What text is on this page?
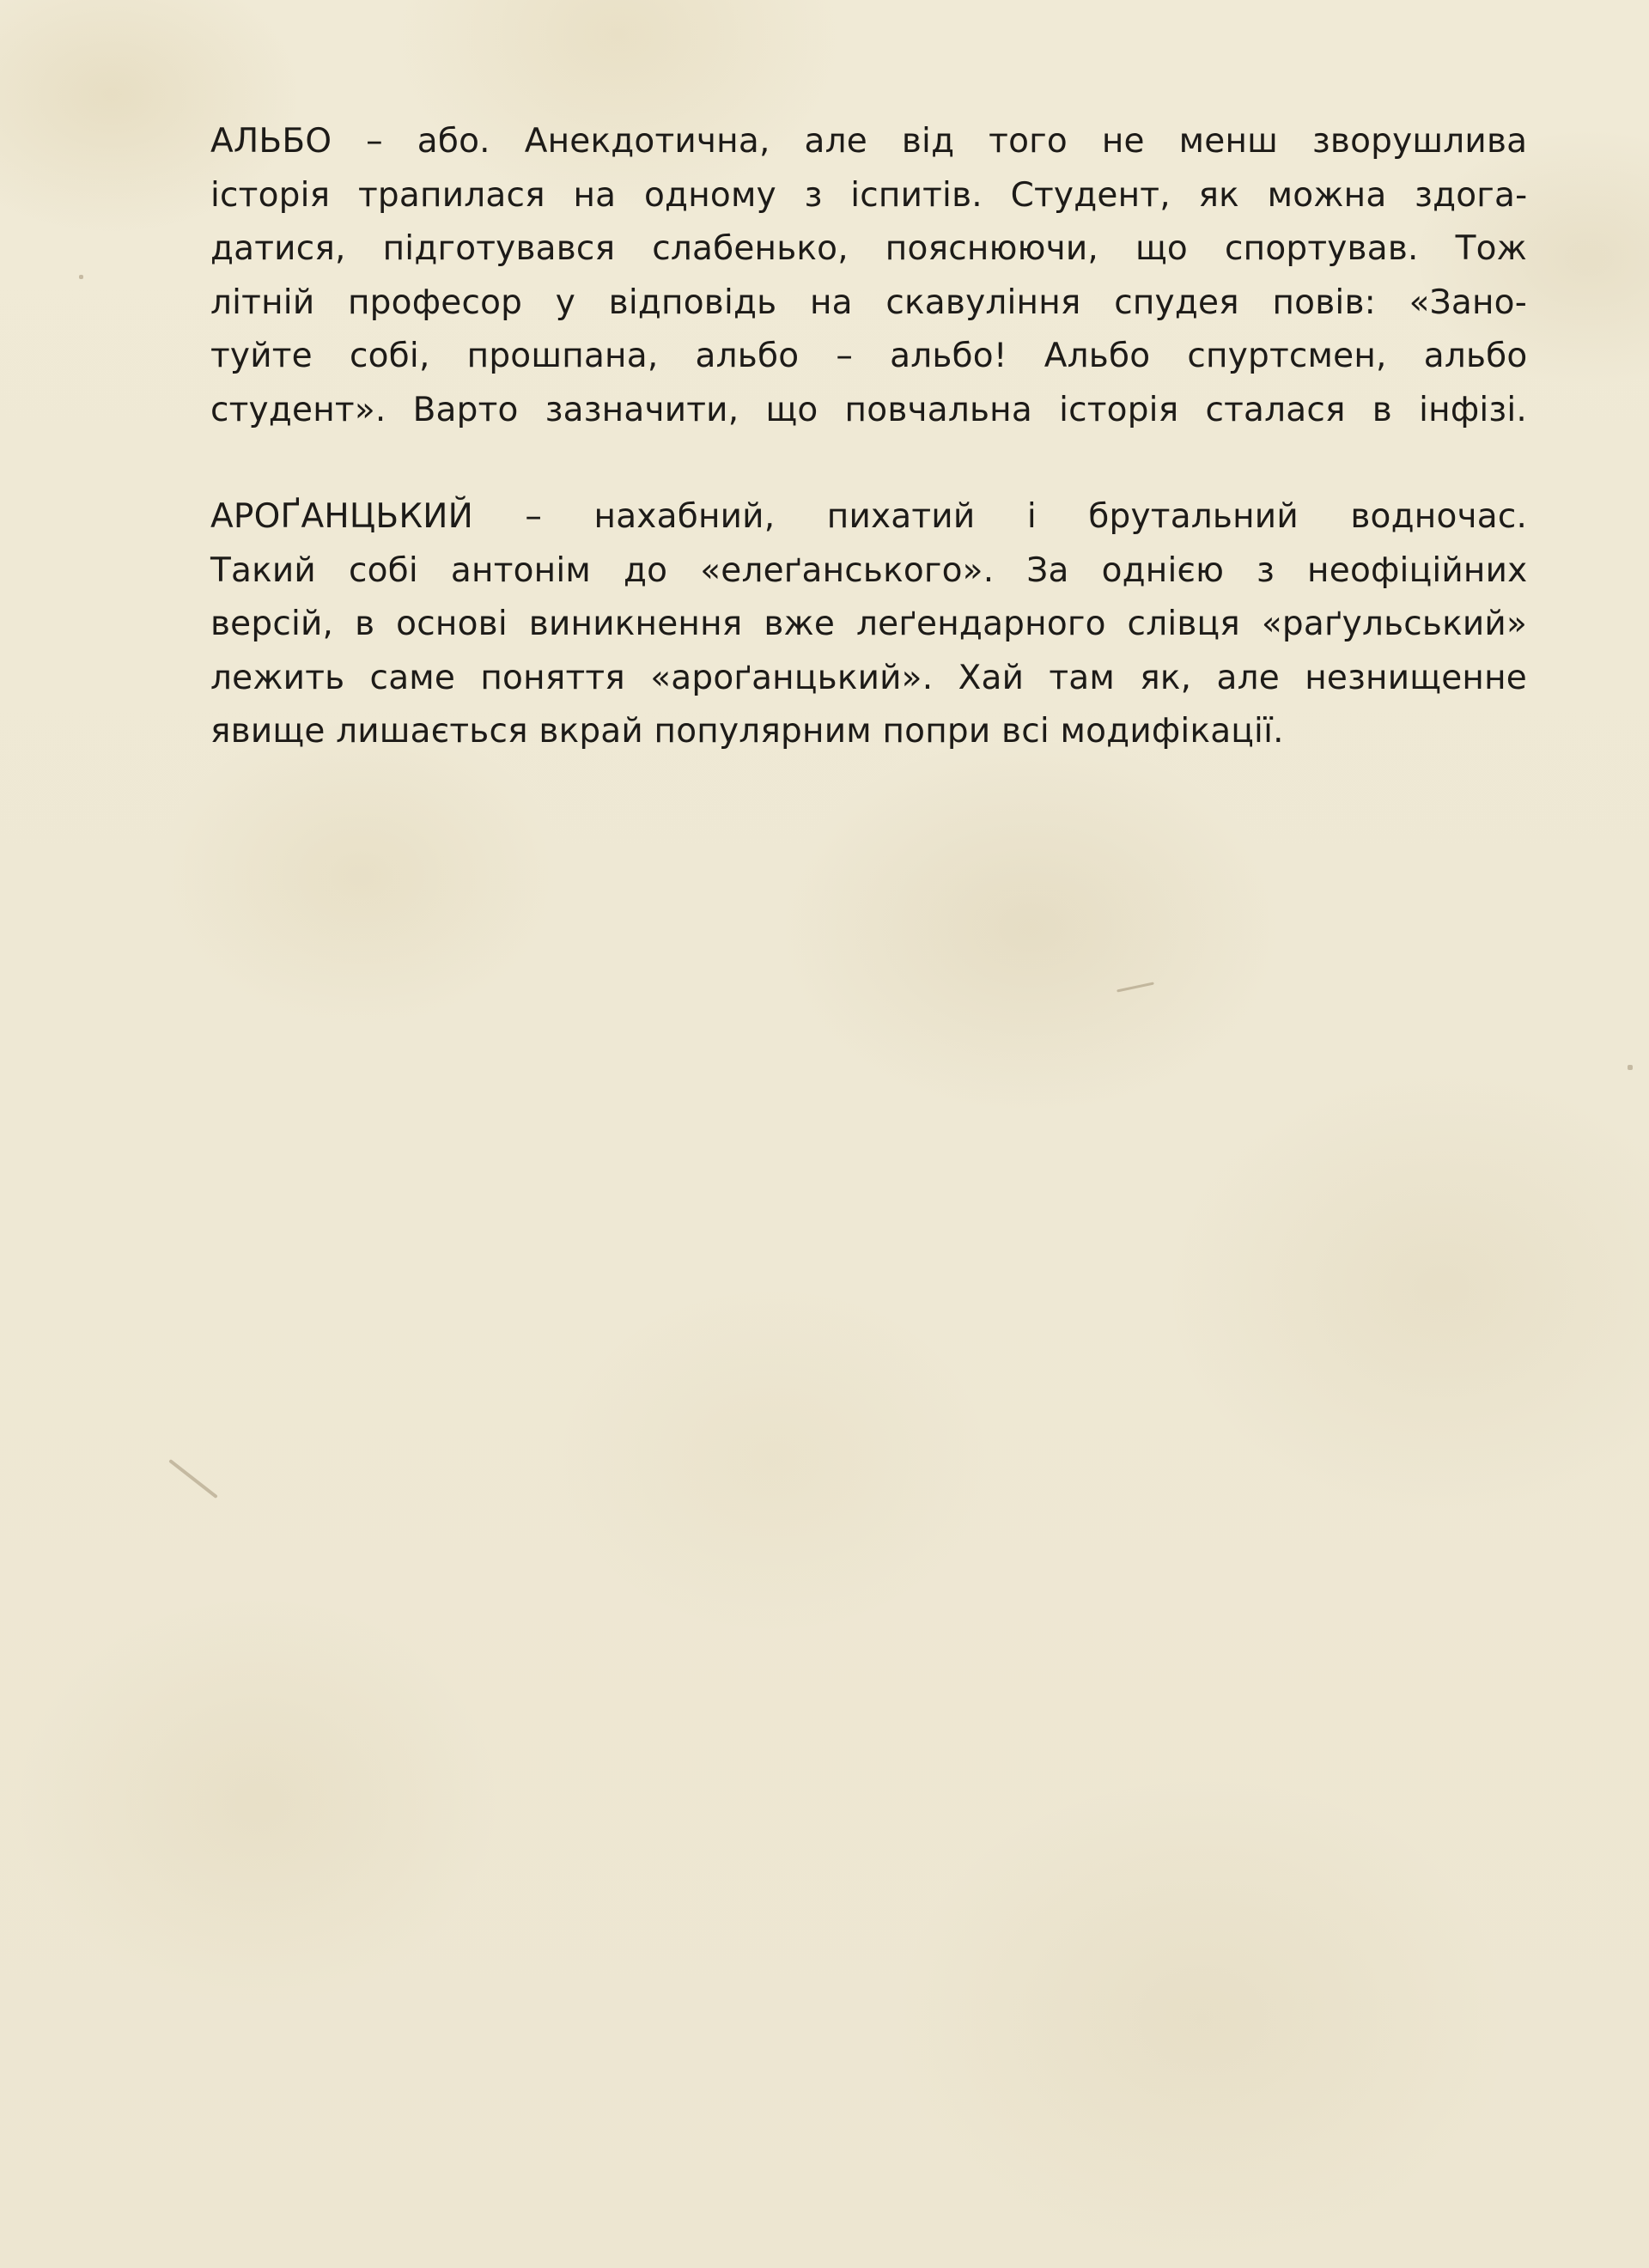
АЛЬБО – або. Анекдотична, але від того не менш зворушлива
історія трапилася на одному з іспитів. Студент, як можна здога-
датися, підготувався слабенько, пояснюючи, що спортував. Тож
літній професор у відповідь на скавуління спудея повів: «Зано-
туйте собі, прошпана, альбо – альбо! Альбо спуртсмен, альбо
студент». Варто зазначити, що повчальна історія сталася в інфізі.
АРОҐАНЦЬКИЙ – нахабний, пихатий і брутальний водночас.
Такий собі антонім до «елеґанського». За однією з неофіційних
версій, в основі виникнення вже леґендарного слівця «раґульський»
лежить саме поняття «ароґанцький». Хай там як, але незнищенне
явище лишається вкрай популярним попри всі модифікації.
